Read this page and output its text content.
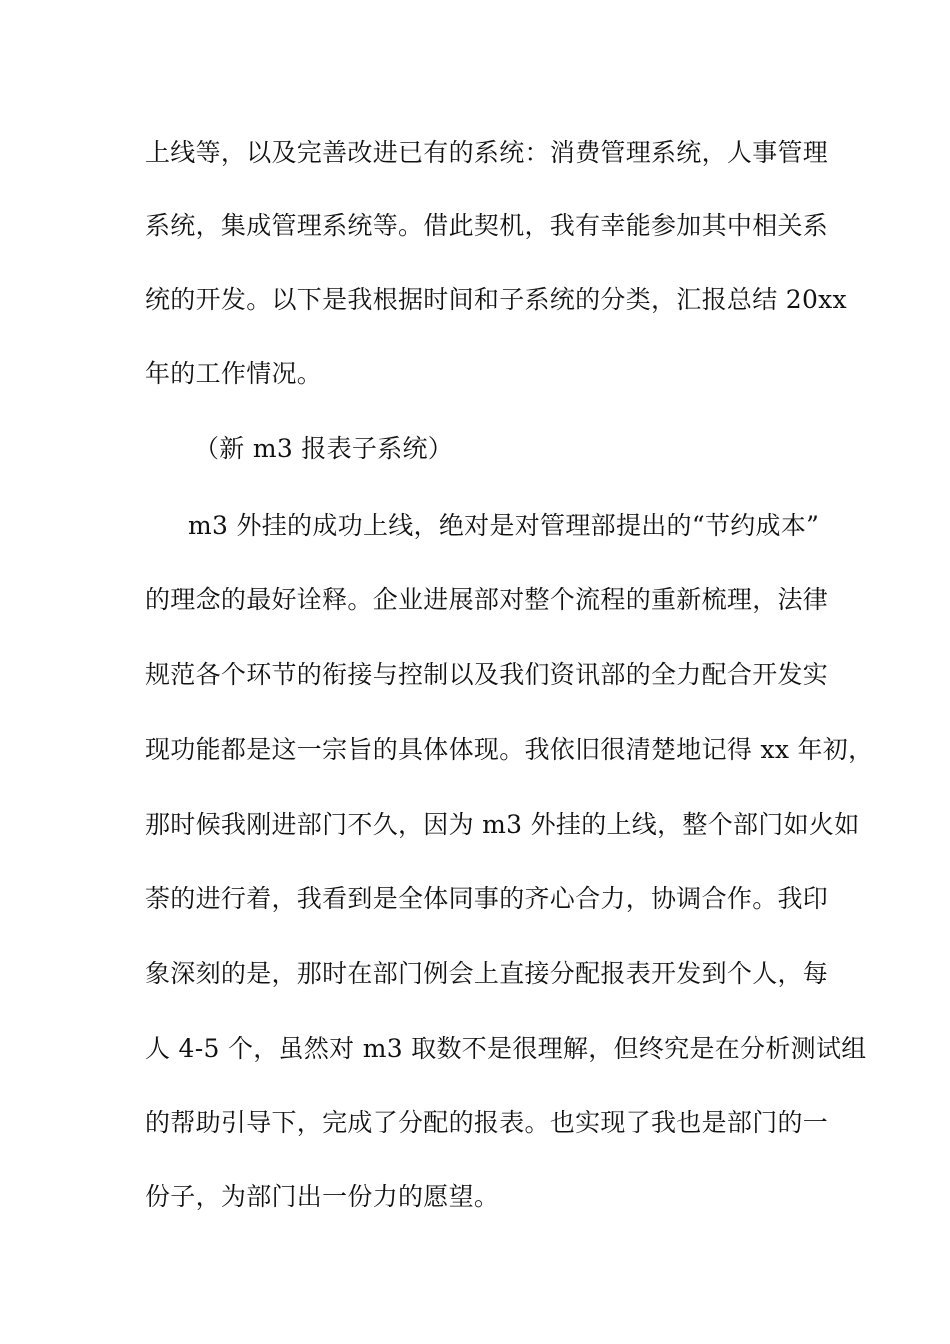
上线等，以及完善改进已有的系统：消费管理系统，人事管理
系统，集成管理系统等。借此契机，我有幸能参加其中相关系
统的开发。以下是我根据时间和子系统的分类，汇报总结 20xx
年的工作情况。
（新 m3 报表子系统）
m3 外挂的成功上线，绝对是对管理部提出的“节约成本”
的理念的最好诠释。企业进展部对整个流程的重新梳理，法律
规范各个环节的衔接与控制以及我们资讯部的全力配合开发实
现功能都是这一宗旨的具体体现。我依旧很清楚地记得 xx 年初，
那时候我刚进部门不久，因为 m3 外挂的上线，整个部门如火如
荼的进行着，我看到是全体同事的齐心合力，协调合作。我印
象深刻的是，那时在部门例会上直接分配报表开发到个人，每
人 4-5 个，虽然对 m3 取数不是很理解，但终究是在分析测试组
的帮助引导下，完成了分配的报表。也实现了我也是部门的一
份子，为部门出一份力的愿望。
